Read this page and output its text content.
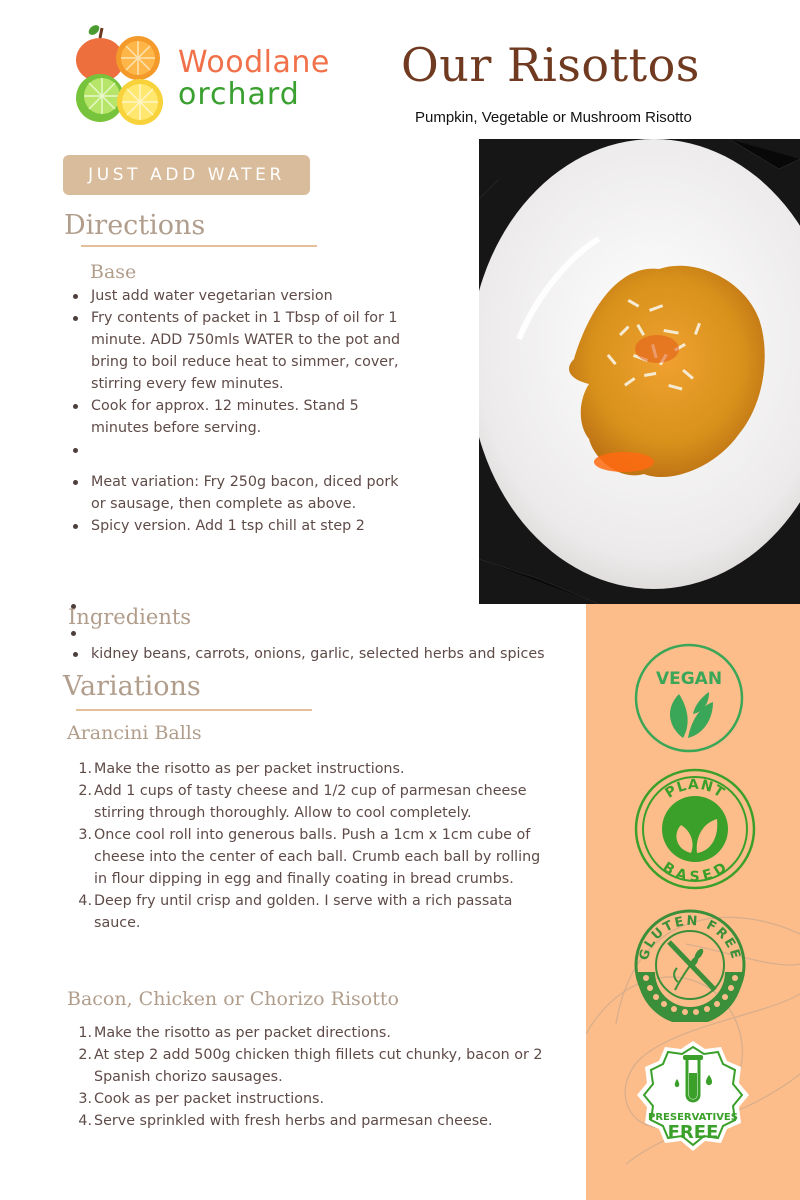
Woodlane
orchard
Our Risottos
Pumpkin, Vegetable or Mushroom Risotto
JUST ADD WATER
Directions
Base
Just add water vegetarian version
Fry contents of packet in 1 Tbsp of oil for 1 minute. ADD 750mls WATER to the pot and bring to boil reduce heat to simmer, cover, stirring every few minutes.
Cook for approx. 12 minutes. Stand 5 minutes before serving.
Meat variation: Fry 250g bacon, diced pork or sausage, then complete as above.
Spicy version. Add 1 tsp chill at step 2
Ingredients
kidney beans, carrots, onions, garlic, selected herbs and spices
Variations
Arancini Balls
1. Make the risotto as per packet instructions.
2. Add 1 cups of tasty cheese and 1/2 cup of parmesan cheese stirring through thoroughly. Allow to cool completely.
3. Once cool roll into generous balls. Push a 1cm x 1cm cube of cheese into the center of each ball. Crumb each ball by rolling in flour dipping in egg and finally coating in bread crumbs.
4. Deep fry until crisp and golden. I serve with a rich passata sauce.
Bacon, Chicken or Chorizo Risotto
1. Make the risotto as per packet directions.
2. At step 2 add 500g chicken thigh fillets cut chunky, bacon or 2 Spanish chorizo sausages.
3. Cook as per packet instructions.
4. Serve sprinkled with fresh herbs and parmesan cheese.
VEGAN
PLANT
BASED
GLUTEN FREE
PRESERVATIVES
FREE
